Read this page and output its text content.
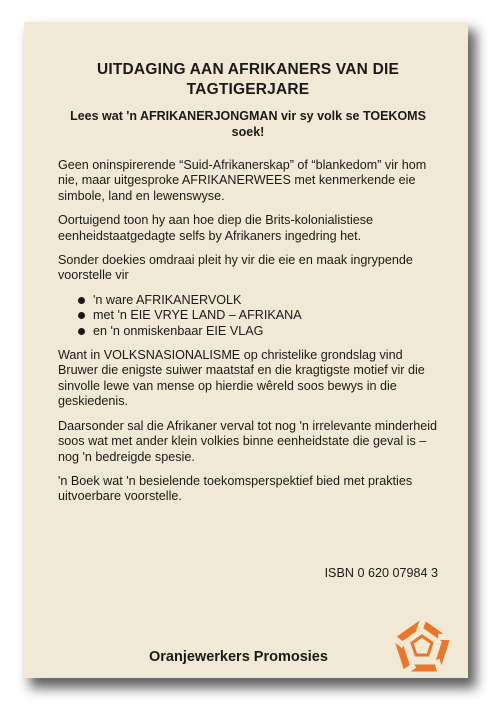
UITDAGING AAN AFRIKANERS VAN DIE TAGTIGERJARE
Lees wat 'n AFRIKANERJONGMAN vir sy volk se TOEKOMS soek!

Geen oninspirerende “Suid-Afrikanerskap” of “blankedom” vir hom nie, maar uitgesproke AFRIKANERWEES met kenmerkende eie simbole, land en lewenswyse.

Oortuigend toon hy aan hoe diep die Brits-kolonialistiese eenheidstaatgedagte selfs by Afrikaners ingedring het.

Sonder doekies omdraai pleit hy vir die eie en maak ingrypende voorstelle vir

'n ware AFRIKANERVOLK
met 'n EIE VRYE LAND – AFRIKANA
en 'n onmiskenbaar EIE VLAG

Want in VOLKSNASIONALISME op christelike grondslag vind Bruwer die enigste suiwer maatstaf en die kragtigste motief vir die sinvolle lewe van mense op hierdie wêreld soos bewys in die geskiedenis.

Daarsonder sal die Afrikaner verval tot nog 'n irrelevante minderheid soos wat met ander klein volkies binne eenheidstate die geval is – nog 'n bedreigde spesie.

'n Boek wat 'n besielende toekomsperspektief bied met prakties uitvoerbare voorstelle.

ISBN 0 620 07984 3
Oranjewerkers Promosies
